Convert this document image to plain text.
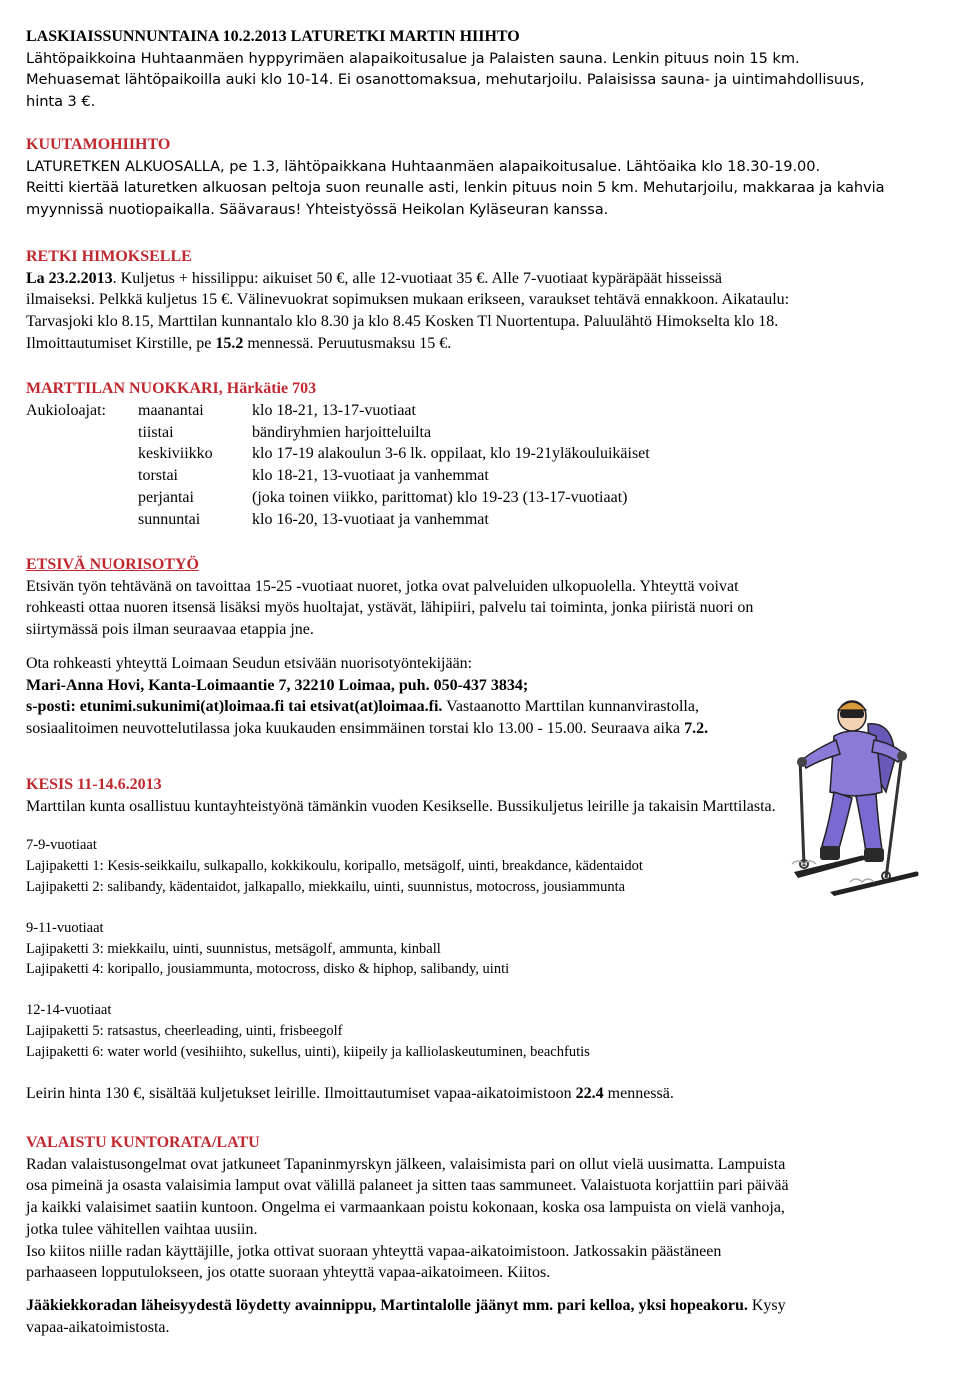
LASKIAISSUNNUNTAINA 10.2.2013 LATURETKI MARTIN HIIHTO

Lähtöpaikkoina Huhtaanmäen hyppyrimäen alapaikoitusalue ja Palaisten sauna. Lenkin pituus noin 15 km.

Mehuasemat lähtöpaikoilla auki klo 10-14. Ei osanottomaksua, mehutarjoilu. Palaisissa sauna- ja uintimahdollisuus,

hinta 3 €.

KUUTAMOHIIHTO

LATURETKEN ALKUOSALLA, pe 1.3, lähtöpaikkana Huhtaanmäen alapaikoitusalue. Lähtöaika klo 18.30-19.00.

Reitti kiertää laturetken alkuosan peltoja suon reunalle asti, lenkin pituus noin 5 km. Mehutarjoilu, makkaraa ja kahvia

myynnissä nuotiopaikalla. Säävaraus! Yhteistyössä Heikolan Kyläseuran kanssa.

RETKI HIMOKSELLE

La 23.2.2013. Kuljetus + hissilippu: aikuiset 50 €, alle 12-vuotiaat 35 €. Alle 7-vuotiaat kypäräpäät hisseissä

ilmaiseksi. Pelkkä kuljetus 15 €. Välinevuokrat sopimuksen mukaan erikseen, varaukset tehtävä ennakkoon. Aikataulu:

Tarvasjoki klo 8.15, Marttilan kunnantalo klo 8.30 ja klo 8.45 Kosken Tl Nuortentupa. Paluulähtö Himokselta klo 18.

Ilmoittautumiset Kirstille, pe 15.2 mennessä. Peruutusmaksu 15 €.

MARTTILAN NUOKKARI, Härkätie 703

Aukioloajat: maanantai	klo 18-21, 13-17-vuotiaat
tiistai	bändiryhmien harjoitteluilta
keskiviikko klo 17-19 alakoulun 3-6 lk. oppilaat, klo 19-21yläkouluikäiset
torstai	klo 18-21, 13-vuotiaat ja vanhemmat
perjantai	(joka toinen viikko, parittomat) klo 19-23 (13-17-vuotiaat)
sunnuntai	klo 16-20, 13-vuotiaat ja vanhemmat

ETSIVÄ NUORISOTYÖ

Etsivän työn tehtävänä on tavoittaa 15-25 -vuotiaat nuoret, jotka ovat palveluiden ulkopuolella. Yhteyttä voivat

rohkeasti ottaa nuoren itsensä lisäksi myös huoltajat, ystävät, lähipiiri, palvelu tai toiminta, jonka piiristä nuori on

siirtymässä pois ilman seuraavaa etappia jne.

Ota rohkeasti yhteyttä Loimaan Seudun etsivään nuorisotyöntekijään:

Mari-Anna Hovi, Kanta-Loimaantie 7, 32210 Loimaa, puh. 050-437 3834;

s-posti: etunimi.sukunimi(at)loimaa.fi tai etsivat(at)loimaa.fi. Vastaanotto Marttilan kunnanvirastolla,

sosiaalitoimen neuvottelutilassa joka kuukauden ensimmäinen torstai klo 13.00 - 15.00. Seuraava aika 7.2.

KESIS 11-14.6.2013

Marttilan kunta osallistuu kuntayhteistyönä tämänkin vuoden Kesikselle. Bussikuljetus leirille ja takaisin Marttilasta.

7-9-vuotiaat

Lajipaketti 1: Kesis-seikkailu, sulkapallo, kokkikoulu, koripallo, metsägolf, uinti, breakdance, kädentaidot

Lajipaketti 2: salibandy, kädentaidot, jalkapallo, miekkailu, uinti, suunnistus, motocross, jousiammunta

9-11-vuotiaat

Lajipaketti 3: miekkailu, uinti, suunnistus, metsägolf, ammunta, kinball

Lajipaketti 4: koripallo, jousiammunta, motocross, disko & hiphop, salibandy, uinti

12-14-vuotiaat

Lajipaketti 5: ratsastus, cheerleading, uinti, frisbeegolf

Lajipaketti 6: water world (vesihiihto, sukellus, uinti), kiipeily ja kalliolaskeutuminen, beachfutis

Leirin hinta 130 €, sisältää kuljetukset leirille. Ilmoittautumiset vapaa-aikatoimistoon 22.4 mennessä.

VALAISTU KUNTORATA/LATU

Radan valaistusongelmat ovat jatkuneet Tapaninmyrskyn jälkeen, valaisimista pari on ollut vielä uusimatta. Lampuista

osa pimeinä ja osasta valaisimia lamput ovat välillä palaneet ja sitten taas sammuneet. Valaistuota korjattiin pari päivää

ja kaikki valaisimet saatiin kuntoon. Ongelma ei varmaankaan poistu kokonaan, koska osa lampuista on vielä vanhoja,

jotka tulee vähitellen vaihtaa uusiin.

Iso kiitos niille radan käyttäjille, jotka ottivat suoraan yhteyttä vapaa-aikatoimistoon. Jatkossakin päästäneen

parhaaseen lopputulokseen, jos otatte suoraan yhteyttä vapaa-aikatoimeen. Kiitos.

Jääkiekkoradan läheisyydestä löydetty avainnippu, Martintalolle jäänyt mm. pari kelloa, yksi hopeakoru. Kysy

vapaa-aikatoimistosta.
